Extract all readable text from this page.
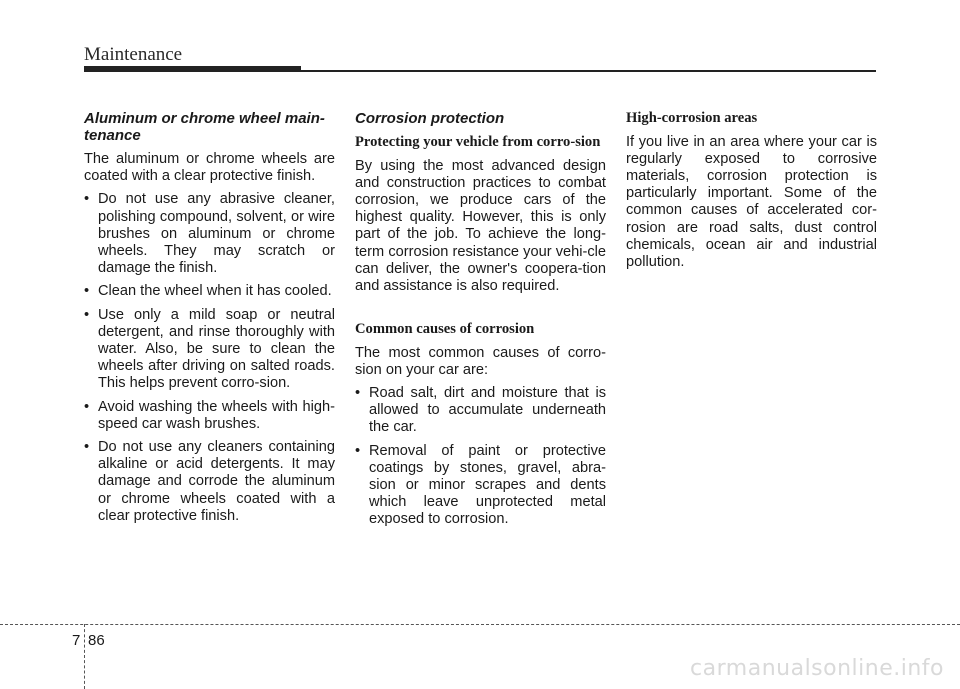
Maintenance
Aluminum or chrome wheel main-tenance

The aluminum or chrome wheels are coated with a clear protective finish.

• Do not use any abrasive cleaner, polishing compound, solvent, or wire brushes on aluminum or chrome wheels. They may scratch or damage the finish.
• Clean the wheel when it has cooled.
• Use only a mild soap or neutral detergent, and rinse thoroughly with water. Also, be sure to clean the wheels after driving on salted roads. This helps prevent corro-sion.
• Avoid washing the wheels with high-speed car wash brushes.
• Do not use any cleaners containing alkaline or acid detergents. It may damage and corrode the aluminum or chrome wheels coated with a clear protective finish.
Corrosion protection
Protecting your vehicle from corro-sion

By using the most advanced design and construction practices to combat corrosion, we produce cars of the highest quality. However, this is only part of the job. To achieve the long-term corrosion resistance your vehi-cle can deliver, the owner's coopera-tion and assistance is also required.

Common causes of corrosion

The most common causes of corro-sion on your car are:

• Road salt, dirt and moisture that is allowed to accumulate underneath the car.
• Removal of paint or protective coatings by stones, gravel, abra-sion or minor scrapes and dents which leave unprotected metal exposed to corrosion.
High-corrosion areas

If you live in an area where your car is regularly exposed to corrosive materials, corrosion protection is particularly important. Some of the common causes of accelerated cor-rosion are road salts, dust control chemicals, ocean air and industrial pollution.

7 86
carmanualsonline.info
